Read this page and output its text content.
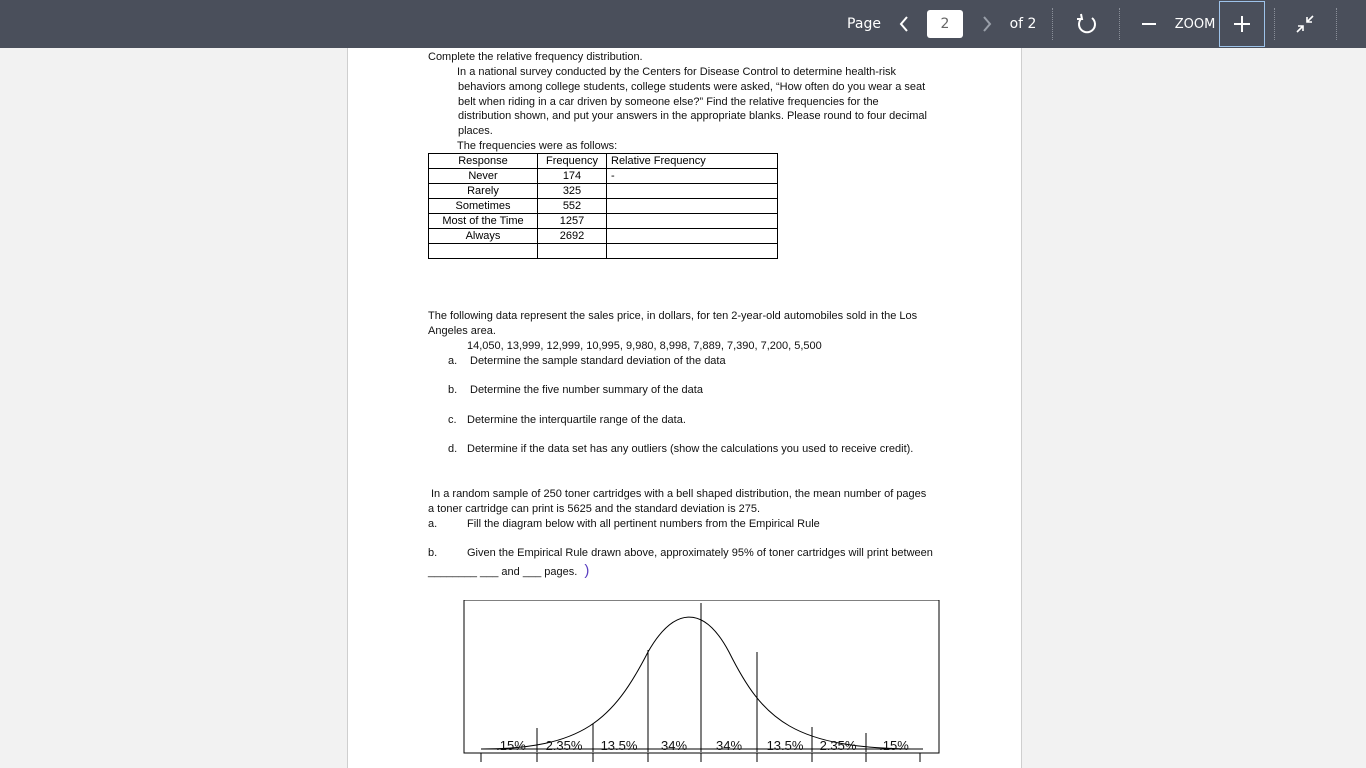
Page	2	of 2	ZOOM
Complete the relative frequency distribution.
In a national survey conducted by the Centers for Disease Control to determine health-risk
behaviors among college students, college students were asked, “How often do you wear a seat
belt when riding in a car driven by someone else?” Find the relative frequencies for the
distribution shown, and put your answers in the appropriate blanks. Please round to four decimal
places.
The frequencies were as follows:
Response	Frequency	Relative Frequency
Never	174	-
Rarely	325	
Sometimes	552	
Most of the Time	1257	
Always	2692	

The following data represent the sales price, in dollars, for ten 2-year-old automobiles sold in the Los
Angeles area.
14,050, 13,999, 12,999, 10,995, 9,980, 8,998, 7,889, 7,390, 7,200, 5,500
a. Determine the sample standard deviation of the data
b. Determine the five number summary of the data
c. Determine the interquartile range of the data.
d. Determine if the data set has any outliers (show the calculations you used to receive credit).
In a random sample of 250 toner cartridges with a bell shaped distribution, the mean number of pages
a toner cartridge can print is 5625 and the standard deviation is 275.
a.	Fill the diagram below with all pertinent numbers from the Empirical Rule
b.	Given the Empirical Rule drawn above, approximately 95% of toner cartridges will print between
________ ___ and ___ pages. )
.15% 2.35% 13.5% 34% 34% 13.5% 2.35% .15%
